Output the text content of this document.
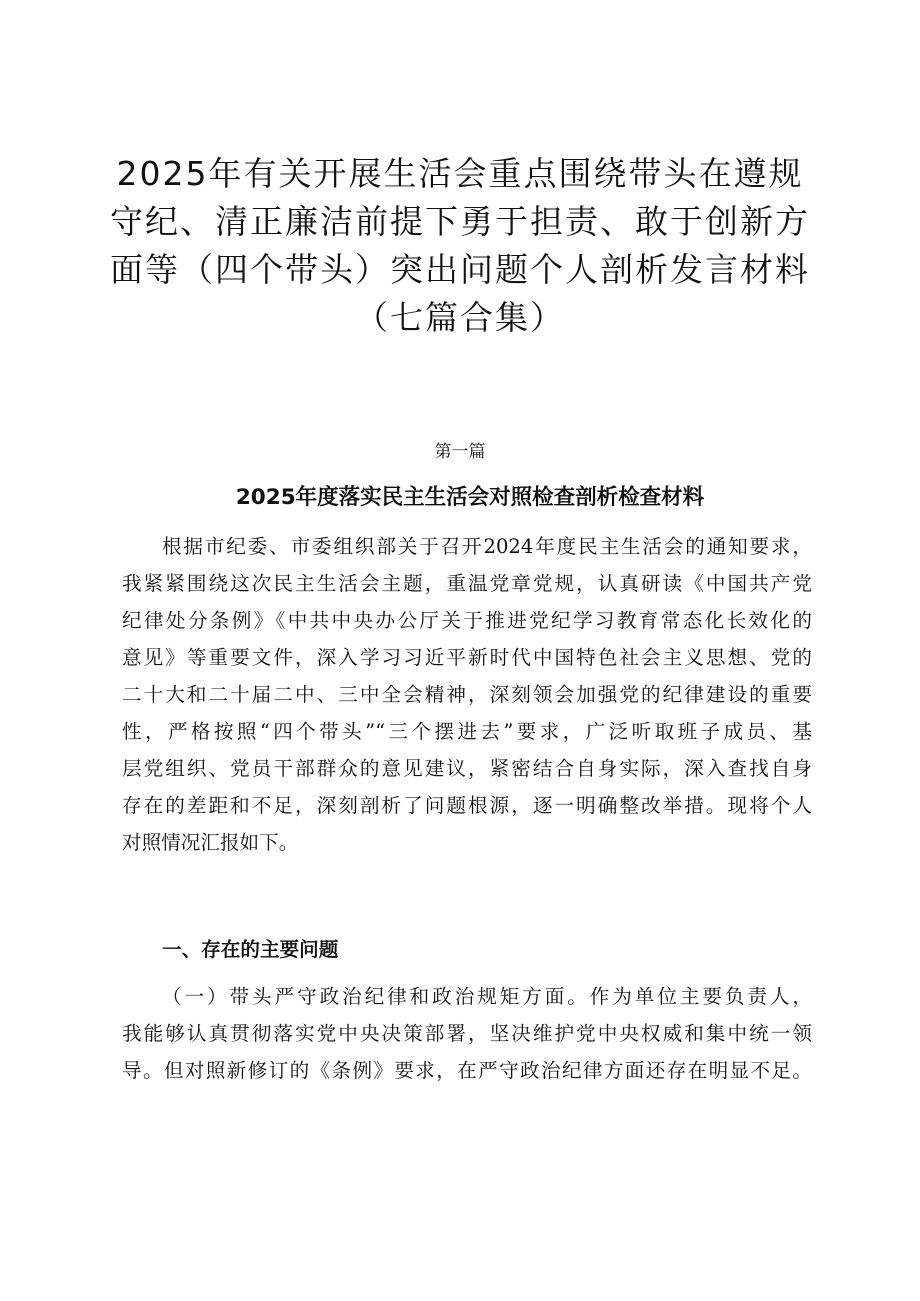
2025年有关开展生活会重点围绕带头在遵规
守纪、清正廉洁前提下勇于担责、敢于创新方
面等（四个带头）突出问题个人剖析发言材料
（七篇合集）
第一篇
2025年度落实民主生活会对照检查剖析检查材料
根据市纪委、市委组织部关于召开2024年度民主生活会的通知要求，
我紧紧围绕这次民主生活会主题，重温党章党规，认真研读《中国共产党
纪律处分条例》《中共中央办公厅关于推进党纪学习教育常态化长效化的
意见》等重要文件，深入学习习近平新时代中国特色社会主义思想、党的
二十大和二十届二中、三中全会精神，深刻领会加强党的纪律建设的重要
性，严格按照“四个带头”“三个摆进去”要求，广泛听取班子成员、基
层党组织、党员干部群众的意见建议，紧密结合自身实际，深入查找自身
存在的差距和不足，深刻剖析了问题根源，逐一明确整改举措。现将个人
对照情况汇报如下。
一、存在的主要问题
（一）带头严守政治纪律和政治规矩方面。作为单位主要负责人，
我能够认真贯彻落实党中央决策部署，坚决维护党中央权威和集中统一领
导。但对照新修订的《条例》要求，在严守政治纪律方面还存在明显不足。
